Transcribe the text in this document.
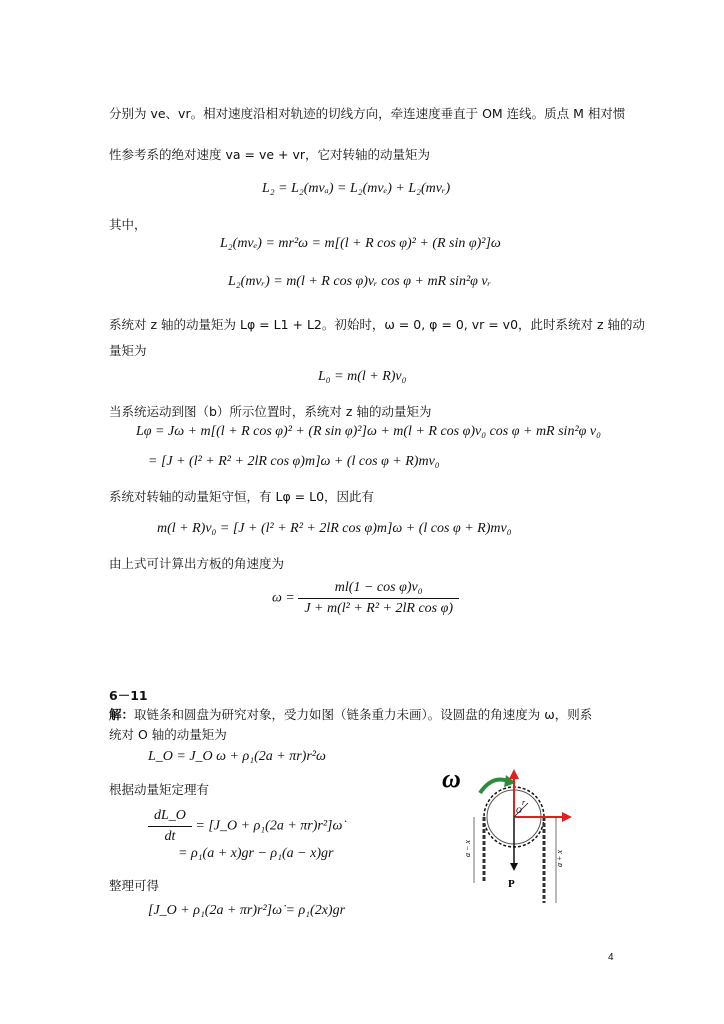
分别为 ve、vr。相对速度沿相对轨迹的切线方向，牵连速度垂直于 OM 连线。质点 M 相对惯
性参考系的绝对速度 va = ve + vr，它对转轴的动量矩为
L₂ = L₂(mvₐ) = L₂(mvₑ) + L₂(mvᵣ)
其中，
L₂(mvₑ) = mr²ω = m[(l + R cos φ)² + (R sin φ)²]ω
L₂(mvᵣ) = m(l + R cos φ)vᵣ cos φ + mR sin²φ vᵣ
系统对 z 轴的动量矩为 Lφ = L1 + L2。初始时，ω = 0, φ = 0, vr = v0，此时系统对 z 轴的动
量矩为
L₀ = m(l + R)v₀
当系统运动到图（b）所示位置时，系统对 z 轴的动量矩为
Lφ = Jω + m[(l + R cos φ)² + (R sin φ)²]ω + m(l + R cos φ)v₀ cos φ + mR sin²φ v₀
= [J + (l² + R² + 2lR cos φ)m]ω + (l cos φ + R)mv₀
系统对转轴的动量矩守恒，有 Lφ = L0，因此有
m(l + R)v₀ = [J + (l² + R² + 2lR cos φ)m]ω + (l cos φ + R)mv₀
由上式可计算出方板的角速度为
$\omega = \frac{\text{ml(1 − cos φ)v₀}}{\text{J + m(l² + R² + 2lR cos φ)}}$
6－11
解：取链条和圆盘为研究对象，受力如图（链条重力未画）。设圆盘的角速度为 ω，则系
统对 O 轴的动量矩为
L_O = J_O ω + ρ₁(2a + πr)r²ω
根据动量矩定理有
$\frac{dL\_O}{dt}$ = [J_O + ρ₁(2a + πr)r²]ω̇
= ρ₁(a + x)gr − ρ₁(a − x)gr
整理可得
[J_O + ρ₁(2a + πr)r²]ω̇ = ρ₁(2x)gr
ω
P
r
O
a − x
a + x
4
